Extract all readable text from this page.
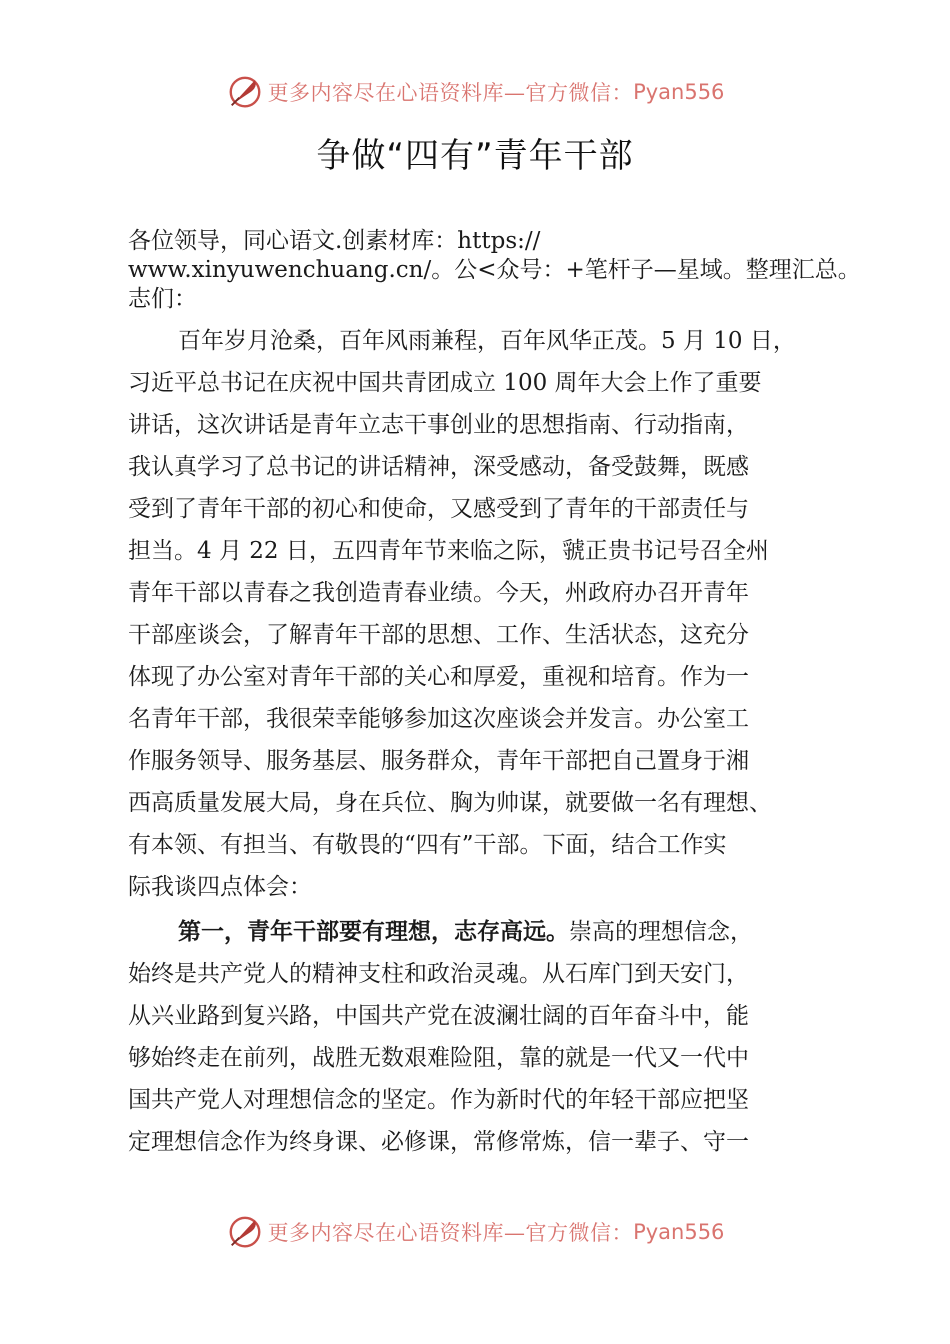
更多内容尽在心语资料库—官方微信： Pyan556
争做“四有”青年干部
各位领导，同心语文.创素材库：https://
www.xinyuwenchuang.cn/。公<众号：+笔杆子—星域。整理汇总。
志们：
百年岁月沧桑，百年风雨兼程，百年风华正茂。5 月 10 日，
习近平总书记在庆祝中国共青团成立 100 周年大会上作了重要
讲话，这次讲话是青年立志干事创业的思想指南、行动指南，
我认真学习了总书记的讲话精神，深受感动，备受鼓舞，既感
受到了青年干部的初心和使命，又感受到了青年的干部责任与
担当。4 月 22 日，五四青年节来临之际，虢正贵书记号召全州
青年干部以青春之我创造青春业绩。今天，州政府办召开青年
干部座谈会，了解青年干部的思想、工作、生活状态，这充分
体现了办公室对青年干部的关心和厚爱，重视和培育。作为一
名青年干部，我很荣幸能够参加这次座谈会并发言。办公室工
作服务领导、服务基层、服务群众，青年干部把自己置身于湘
西高质量发展大局，身在兵位、胸为帅谋，就要做一名有理想、
有本领、有担当、有敬畏的“四有”干部。下面，结合工作实
际我谈四点体会：
第一，青年干部要有理想，志存高远。崇高的理想信念，
始终是共产党人的精神支柱和政治灵魂。从石库门到天安门，
从兴业路到复兴路，中国共产党在波澜壮阔的百年奋斗中，能
够始终走在前列，战胜无数艰难险阻，靠的就是一代又一代中
国共产党人对理想信念的坚定。作为新时代的年轻干部应把坚
定理想信念作为终身课、必修课，常修常炼，信一辈子、守一
更多内容尽在心语资料库—官方微信： Pyan556
